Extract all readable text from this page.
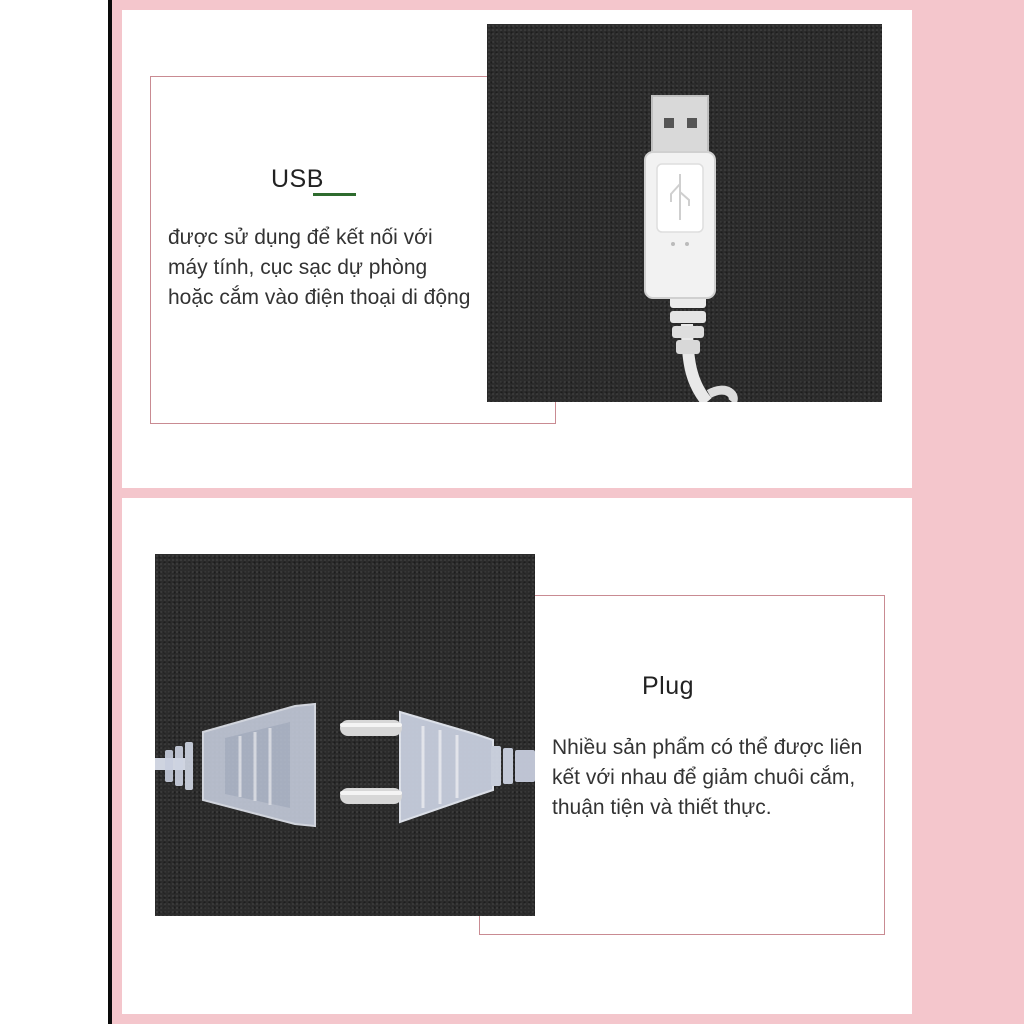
USB
được sử dụng để kết nối với máy tính, cục sạc dự phòng hoặc cắm vào điện thoại di động
Plug
Nhiều sản phẩm có thể được liên kết với nhau để giảm chuôi cắm, thuận tiện và thiết thực.
